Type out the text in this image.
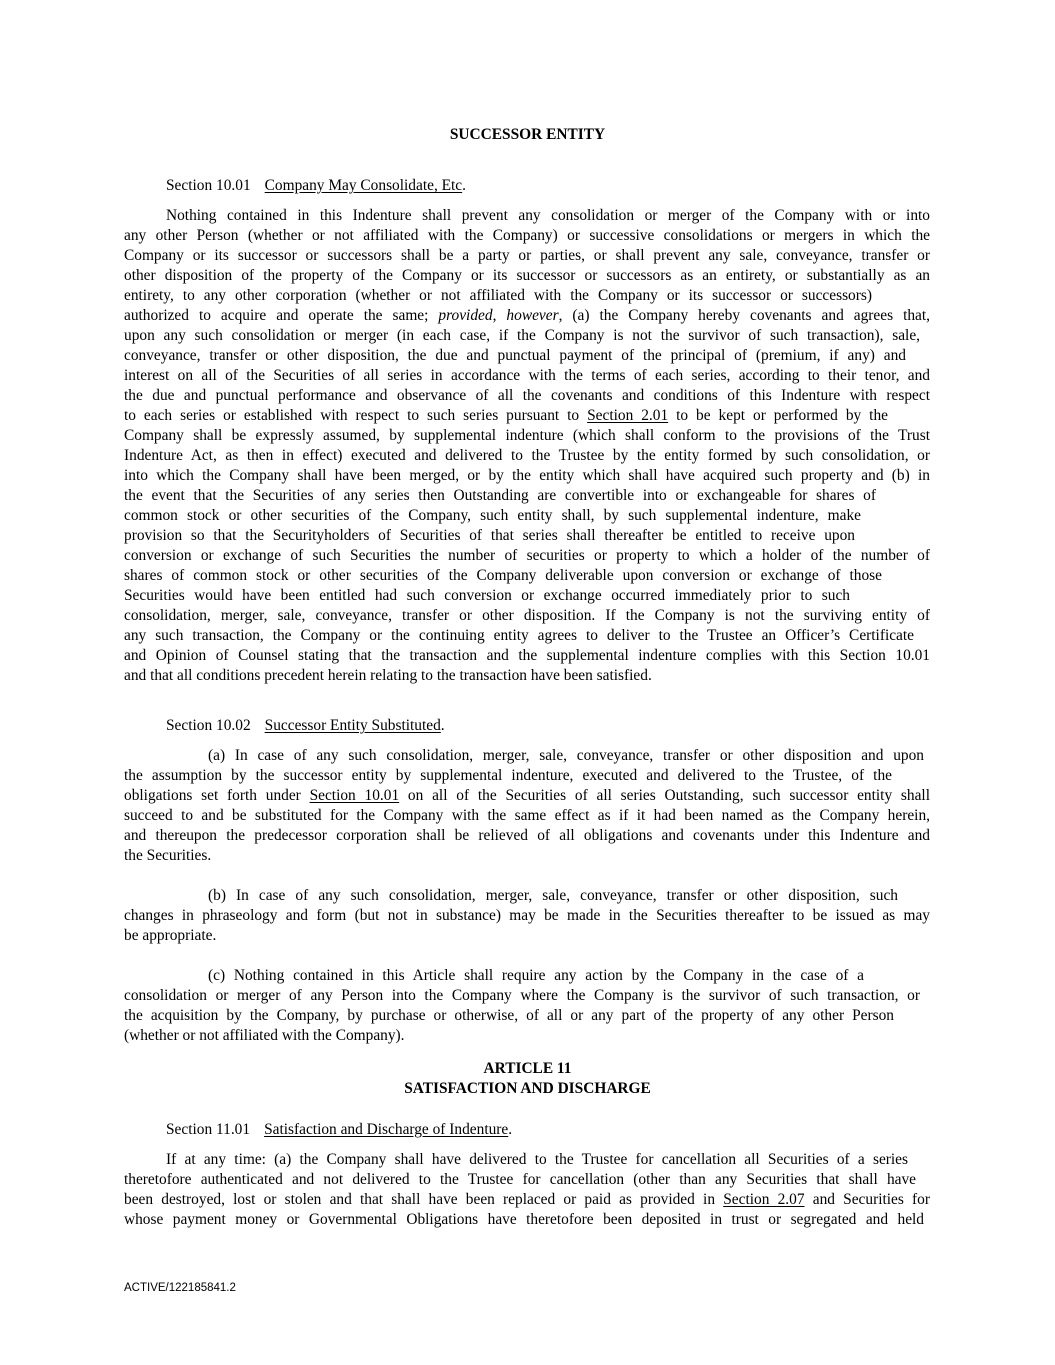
SUCCESSOR ENTITY
Section 10.01 Company May Consolidate, Etc.
Nothing contained in this Indenture shall prevent any consolidation or merger of the Company with or into
any other Person (whether or not affiliated with the Company) or successive consolidations or mergers in which the
Company or its successor or successors shall be a party or parties, or shall prevent any sale, conveyance, transfer or
other disposition of the property of the Company or its successor or successors as an entirety, or substantially as an
entirety, to any other corporation (whether or not affiliated with the Company or its successor or successors)
authorized to acquire and operate the same; provided, however, (a) the Company hereby covenants and agrees that,
upon any such consolidation or merger (in each case, if the Company is not the survivor of such transaction), sale,
conveyance, transfer or other disposition, the due and punctual payment of the principal of (premium, if any) and
interest on all of the Securities of all series in accordance with the terms of each series, according to their tenor, and
the due and punctual performance and observance of all the covenants and conditions of this Indenture with respect
to each series or established with respect to such series pursuant to Section 2.01 to be kept or performed by the
Company shall be expressly assumed, by supplemental indenture (which shall conform to the provisions of the Trust
Indenture Act, as then in effect) executed and delivered to the Trustee by the entity formed by such consolidation, or
into which the Company shall have been merged, or by the entity which shall have acquired such property and (b) in
the event that the Securities of any series then Outstanding are convertible into or exchangeable for shares of
common stock or other securities of the Company, such entity shall, by such supplemental indenture, make
provision so that the Securityholders of Securities of that series shall thereafter be entitled to receive upon
conversion or exchange of such Securities the number of securities or property to which a holder of the number of
shares of common stock or other securities of the Company deliverable upon conversion or exchange of those
Securities would have been entitled had such conversion or exchange occurred immediately prior to such
consolidation, merger, sale, conveyance, transfer or other disposition. If the Company is not the surviving entity of
any such transaction, the Company or the continuing entity agrees to deliver to the Trustee an Officer’s Certificate
and Opinion of Counsel stating that the transaction and the supplemental indenture complies with this Section 10.01
and that all conditions precedent herein relating to the transaction have been satisfied.
Section 10.02 Successor Entity Substituted.
(a) In case of any such consolidation, merger, sale, conveyance, transfer or other disposition and upon
the assumption by the successor entity by supplemental indenture, executed and delivered to the Trustee, of the
obligations set forth under Section 10.01 on all of the Securities of all series Outstanding, such successor entity shall
succeed to and be substituted for the Company with the same effect as if it had been named as the Company herein,
and thereupon the predecessor corporation shall be relieved of all obligations and covenants under this Indenture and
the Securities.
(b) In case of any such consolidation, merger, sale, conveyance, transfer or other disposition, such
changes in phraseology and form (but not in substance) may be made in the Securities thereafter to be issued as may
be appropriate.
(c) Nothing contained in this Article shall require any action by the Company in the case of a
consolidation or merger of any Person into the Company where the Company is the survivor of such transaction, or
the acquisition by the Company, by purchase or otherwise, of all or any part of the property of any other Person
(whether or not affiliated with the Company).
ARTICLE 11
SATISFACTION AND DISCHARGE
Section 11.01 Satisfaction and Discharge of Indenture.
If at any time: (a) the Company shall have delivered to the Trustee for cancellation all Securities of a series
theretofore authenticated and not delivered to the Trustee for cancellation (other than any Securities that shall have
been destroyed, lost or stolen and that shall have been replaced or paid as provided in Section 2.07 and Securities for
whose payment money or Governmental Obligations have theretofore been deposited in trust or segregated and held
ACTIVE/122185841.2
